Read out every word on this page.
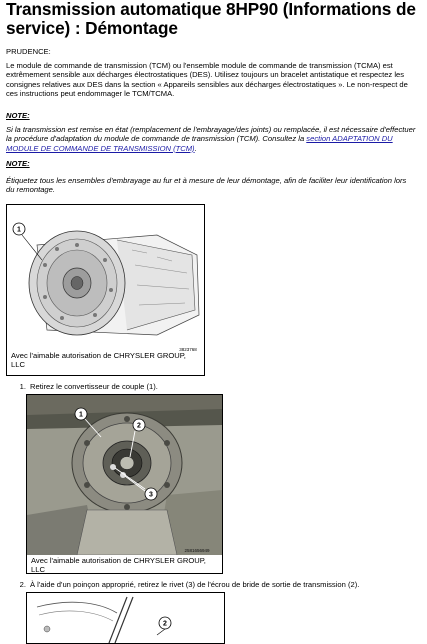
Transmission automatique 8HP90 (Informations de service) : Démontage

PRUDENCE:

Le module de commande de transmission (TCM) ou l'ensemble module de commande de transmission (TCMA) est extrêmement sensible aux décharges électrostatiques (DES). Utilisez toujours un bracelet antistatique et respectez les consignes relatives aux DES dans la section « Appareils sensibles aux décharges électrostatiques ». Le non-respect de ces instructions peut endommager le TCM/TCMA.

NOTE:

Si la transmission est remise en état (remplacement de l'embrayage/des joints) ou remplacée, il est nécessaire d'effectuer la procédure d'adaptation du module de commande de transmission (TCM). Consultez la section ADAPTATION DU MODULE DE COMMANDE DE TRANSMISSION (TCM).

NOTE:

Étiquetez tous les ensembles d'embrayage au fur et à mesure de leur démontage, afin de faciliter leur identification lors du remontage.

1
3823768
Avec l'aimable autorisation de CHRYSLER GROUP, LLC
1. Retirez le convertisseur de couple (1).
1
2
3
2581656949
Avec l'aimable autorisation de CHRYSLER GROUP, LLC
2. À l'aide d'un poinçon approprié, retirez le rivet (3) de l'écrou de bride de sortie de transmission (2).
2
